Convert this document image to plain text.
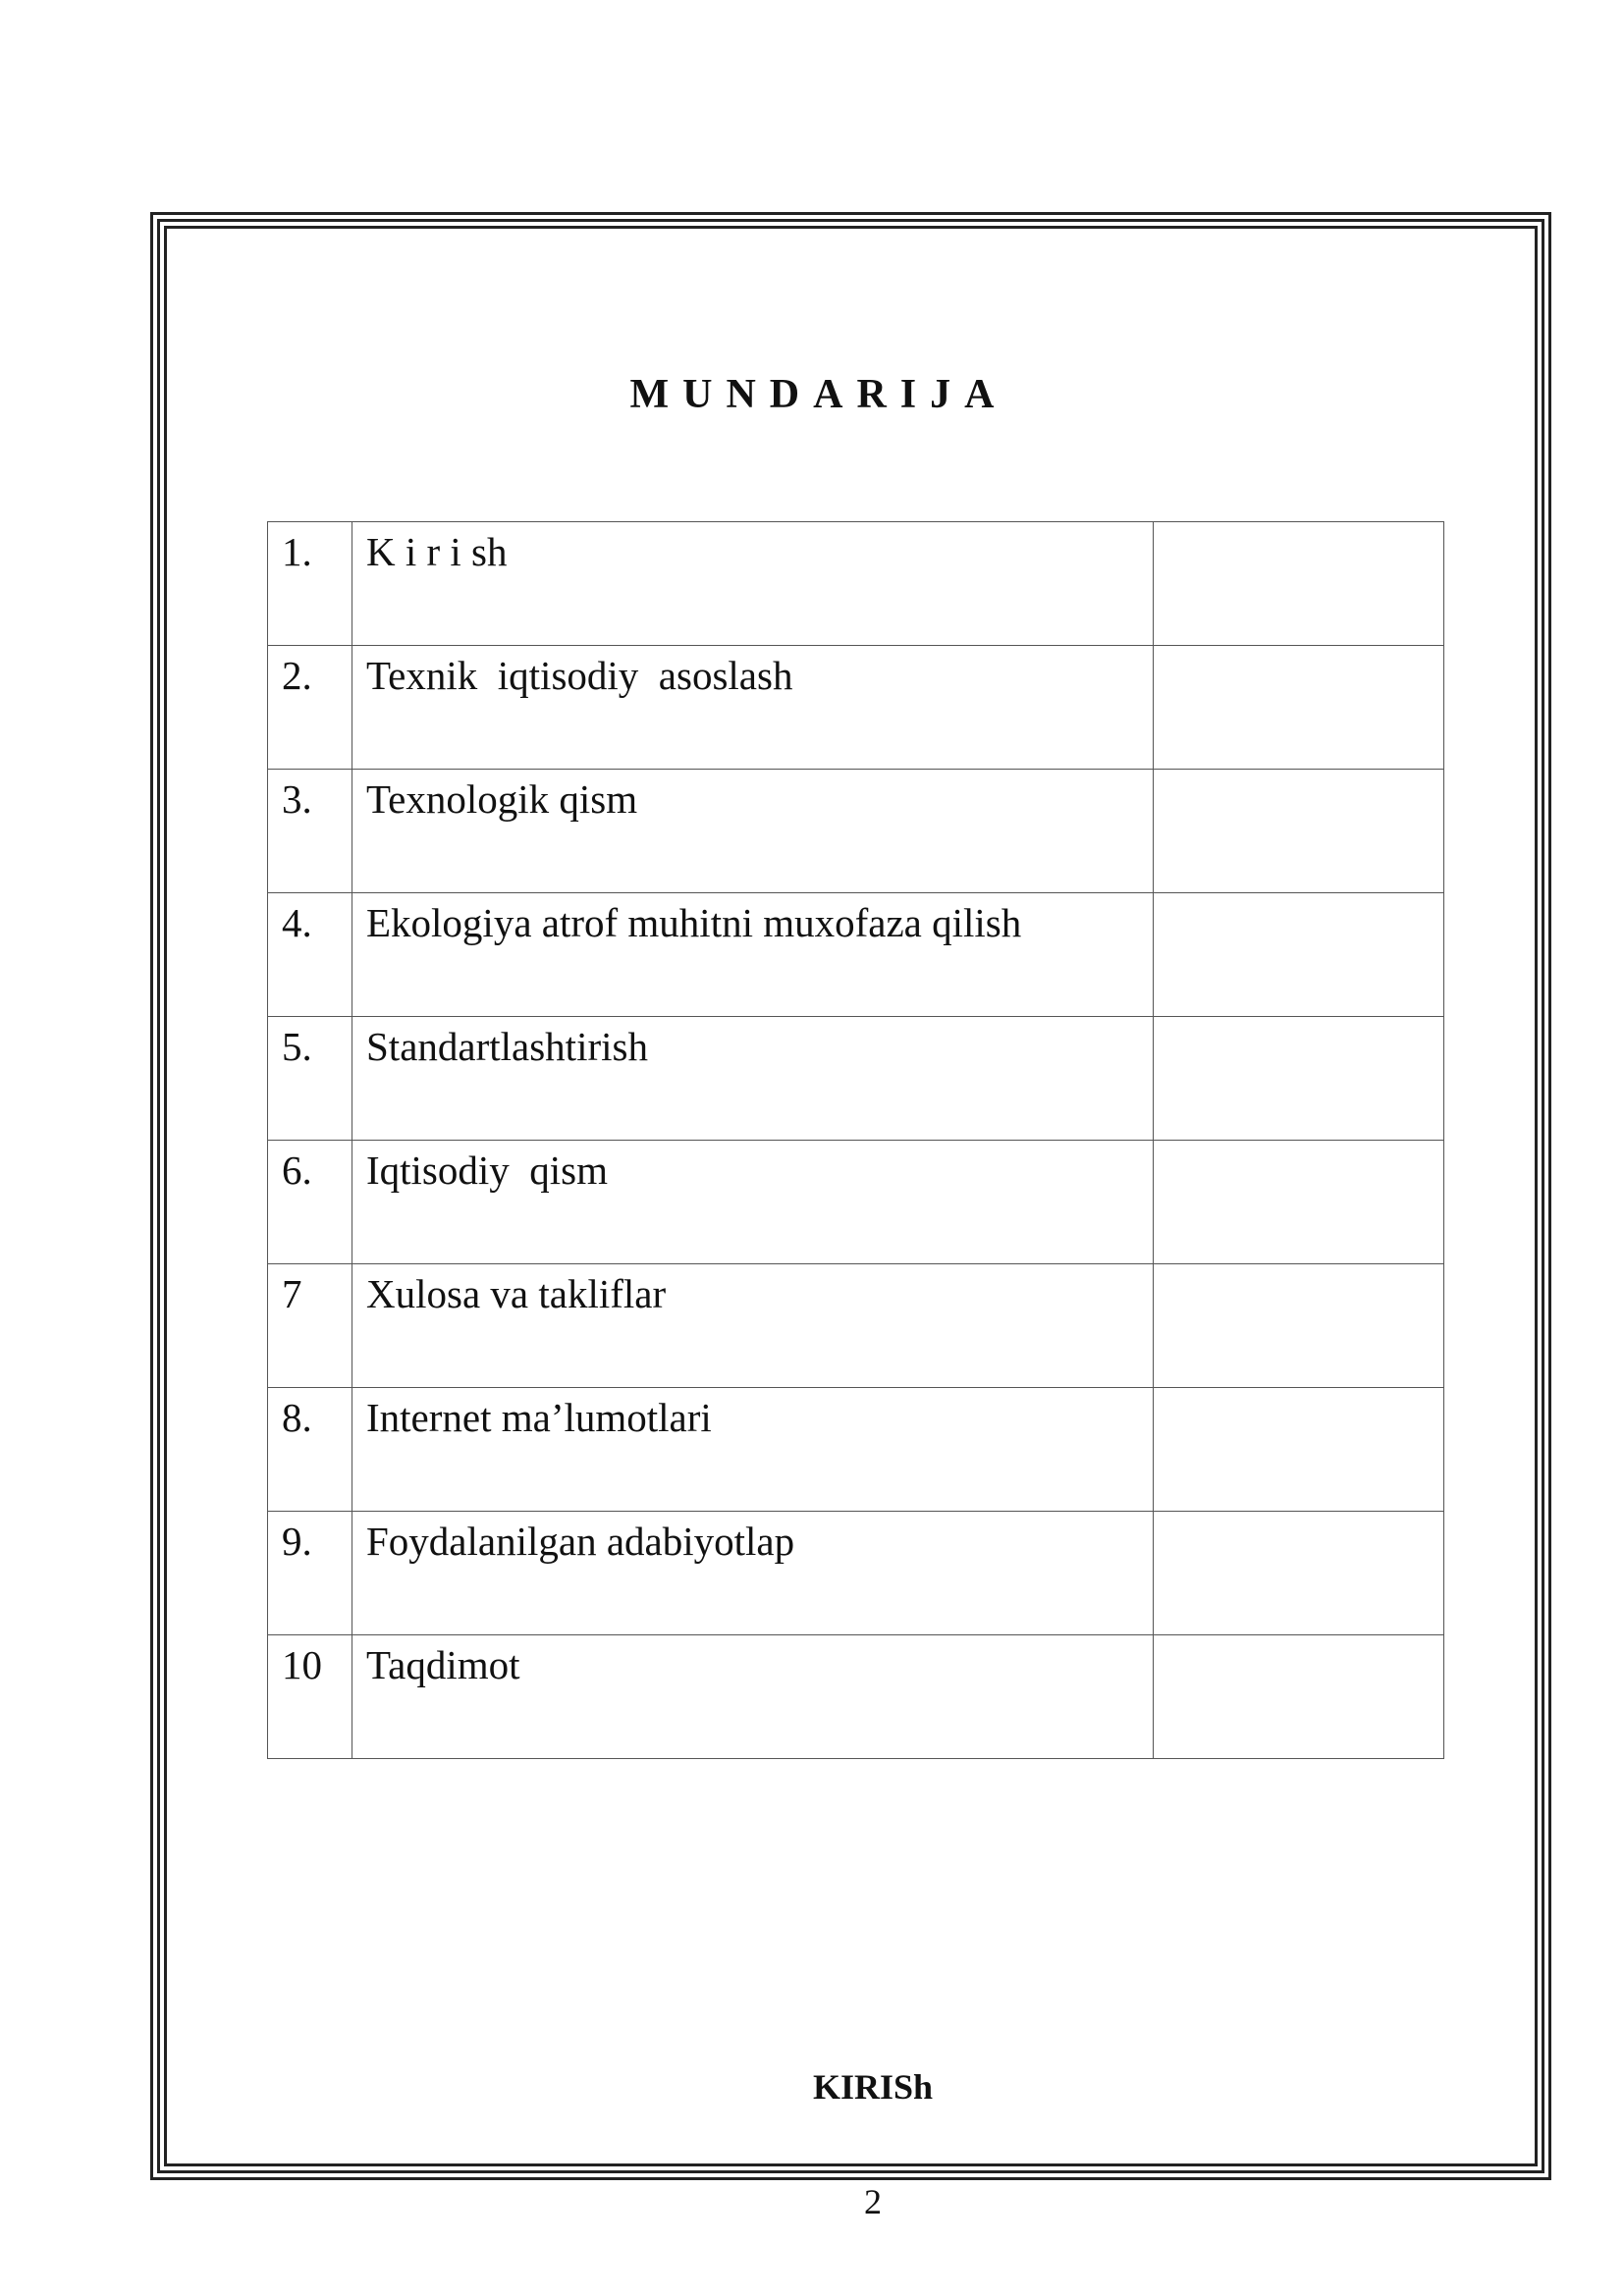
MUNDARIJA
1.	K i r i sh	
2.	Texnik  iqtisodiy  asoslash	
3.	Texnologik qism	
4.	Ekologiya atrof muhitni muxofaza qilish	
5.	Standartlashtirish	
6.	Iqtisodiy  qism	
7	Xulosa va takliflar	
8.	Internet ma’lumotlari	
9.	Foydalanilgan adabiyotlap	
10	Taqdimot	
KIRISh
2
